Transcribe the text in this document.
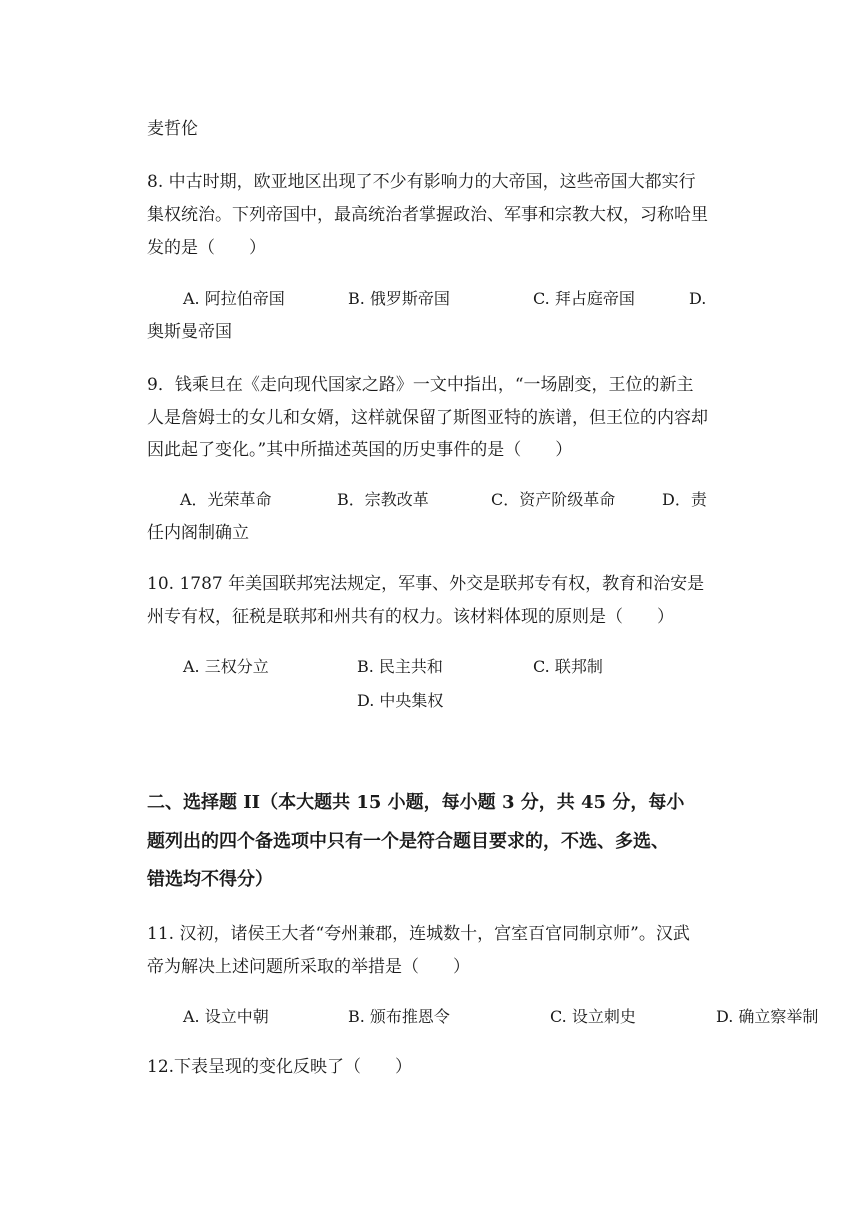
麦哲伦
8. 中古时期，欧亚地区出现了不少有影响力的大帝国，这些帝国大都实行
集权统治。下列帝国中，最高统治者掌握政治、军事和宗教大权，习称哈里
发的是（　　）
A. 阿拉伯帝国	B. 俄罗斯帝国	C. 拜占庭帝国	D.
奥斯曼帝国
9．钱乘旦在《走向现代国家之路》一文中指出，“一场剧变，王位的新主
人是詹姆士的女儿和女婿，这样就保留了斯图亚特的族谱，但王位的内容却
因此起了变化。”其中所描述英国的历史事件的是（　　）
A．光荣革命	B．宗教改革	C．资产阶级革命	D．责
任内阁制确立
10. 1787 年美国联邦宪法规定，军事、外交是联邦专有权，教育和治安是
州专有权，征税是联邦和州共有的权力。该材料体现的原则是（　　）
A. 三权分立	B. 民主共和	C. 联邦制
D. 中央集权
二、选择题 II（本大题共 15 小题，每小题 3 分，共 45 分，每小
题列出的四个备选项中只有一个是符合题目要求的，不选、多选、
错选均不得分）
11. 汉初，诸侯王大者“夸州兼郡，连城数十，宫室百官同制京师”。汉武
帝为解决上述问题所采取的举措是（　　）
A. 设立中朝	B. 颁布推恩令	C. 设立刺史	D. 确立察举制
12.下表呈现的变化反映了（　　）
